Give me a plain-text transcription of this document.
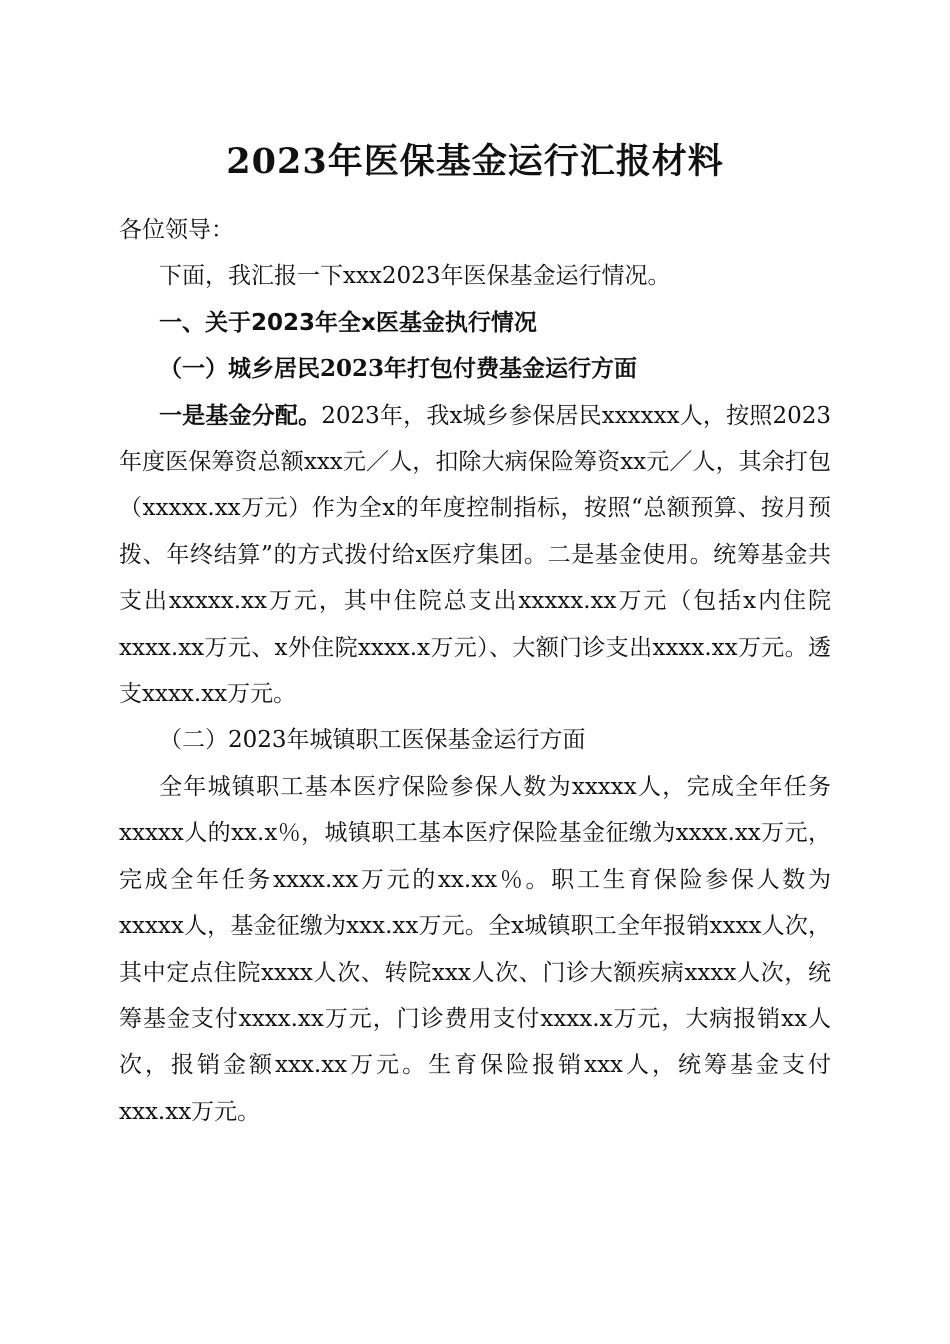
2023年医保基金运行汇报材料

各位领导：

下面，我汇报一下xxx2023年医保基金运行情况。

一、关于2023年全x医基金执行情况

（一）城乡居民2023年打包付费基金运行方面

一是基金分配。2023年，我x城乡参保居民xxxxxx人，按照2023年度医保筹资总额xxx元／人，扣除大病保险筹资xx元／人，其余打包（xxxxx.xx万元）作为全x的年度控制指标，按照“总额预算、按月预拨、年终结算”的方式拨付给x医疗集团。二是基金使用。统筹基金共支出xxxxx.xx万元，其中住院总支出xxxxx.xx万元（包括x内住院xxxx.xx万元、x外住院xxxx.x万元）、大额门诊支出xxxx.xx万元。透支xxxx.xx万元。

（二）2023年城镇职工医保基金运行方面

全年城镇职工基本医疗保险参保人数为xxxxx人，完成全年任务xxxxx人的xx.x％，城镇职工基本医疗保险基金征缴为xxxx.xx万元，完成全年任务xxxx.xx万元的xx.xx％。职工生育保险参保人数为xxxxx人，基金征缴为xxx.xx万元。全x城镇职工全年报销xxxx人次，其中定点住院xxxx人次、转院xxx人次、门诊大额疾病xxxx人次，统筹基金支付xxxx.xx万元，门诊费用支付xxxx.x万元，大病报销xx人次，报销金额xxx.xx万元。生育保险报销xxx人，统筹基金支付xxx.xx万元。
